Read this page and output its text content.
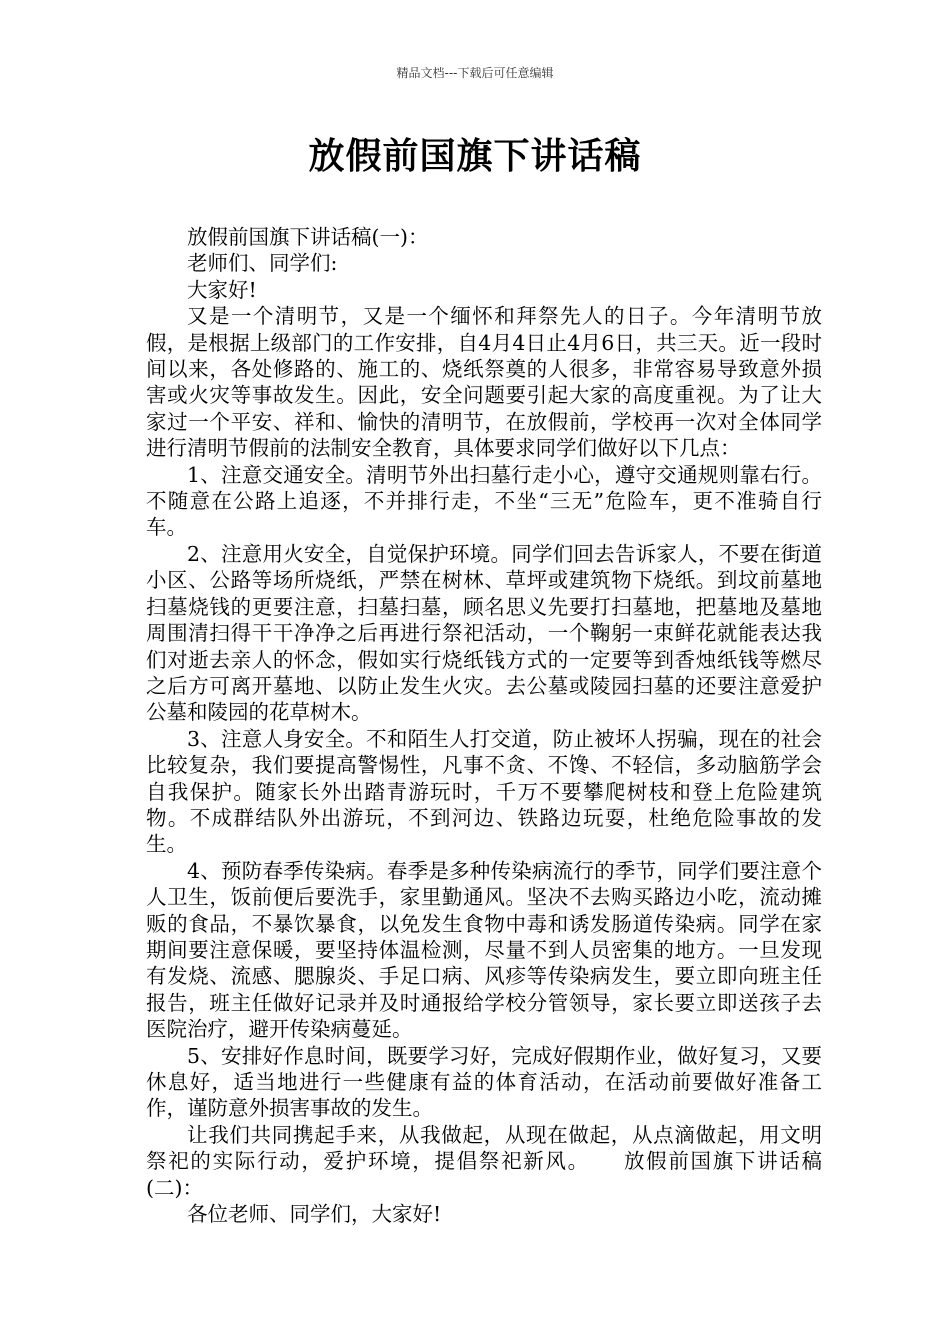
精品文档---下载后可任意编辑
放假前国旗下讲话稿

放假前国旗下讲话稿(一)：

老师们、同学们:

大家好!

又是一个清明节，又是一个缅怀和拜祭先人的日子。今年清明节放假，是根据上级部门的工作安排，自4月4日止4月6日，共三天。近一段时间以来，各处修路的、施工的、烧纸祭奠的人很多，非常容易导致意外损害或火灾等事故发生。因此，安全问题要引起大家的高度重视。为了让大家过一个平安、祥和、愉快的清明节，在放假前，学校再一次对全体同学进行清明节假前的法制安全教育，具体要求同学们做好以下几点：

1、注意交通安全。清明节外出扫墓行走小心，遵守交通规则靠右行。不随意在公路上追逐，不并排行走，不坐“三无”危险车，更不准骑自行车。

2、注意用火安全，自觉保护环境。同学们回去告诉家人，不要在街道小区、公路等场所烧纸，严禁在树林、草坪或建筑物下烧纸。到坟前墓地扫墓烧钱的更要注意，扫墓扫墓，顾名思义先要打扫墓地，把墓地及墓地周围清扫得干干净净之后再进行祭祀活动，一个鞠躬一束鲜花就能表达我们对逝去亲人的怀念，假如实行烧纸钱方式的一定要等到香烛纸钱等燃尽之后方可离开墓地、以防止发生火灾。去公墓或陵园扫墓的还要注意爱护公墓和陵园的花草树木。

3、注意人身安全。不和陌生人打交道，防止被坏人拐骗，现在的社会比较复杂，我们要提高警惕性，凡事不贪、不馋、不轻信，多动脑筋学会自我保护。随家长外出踏青游玩时，千万不要攀爬树枝和登上危险建筑物。不成群结队外出游玩，不到河边、铁路边玩耍，杜绝危险事故的发生。

4、预防春季传染病。春季是多种传染病流行的季节，同学们要注意个人卫生，饭前便后要洗手，家里勤通风。坚决不去购买路边小吃，流动摊贩的食品，不暴饮暴食，以免发生食物中毒和诱发肠道传染病。同学在家期间要注意保暖，要坚持体温检测，尽量不到人员密集的地方。一旦发现有发烧、流感、腮腺炎、手足口病、风疹等传染病发生，要立即向班主任报告，班主任做好记录并及时通报给学校分管领导，家长要立即送孩子去医院治疗，避开传染病蔓延。

5、安排好作息时间，既要学习好，完成好假期作业，做好复习，又要休息好，适当地进行一些健康有益的体育活动，在活动前要做好准备工作，谨防意外损害事故的发生。

让我们共同携起手来，从我做起，从现在做起，从点滴做起，用文明祭祀的实际行动，爱护环境，提倡祭祀新风。　　放假前国旗下讲话稿(二)：

各位老师、同学们，大家好!
